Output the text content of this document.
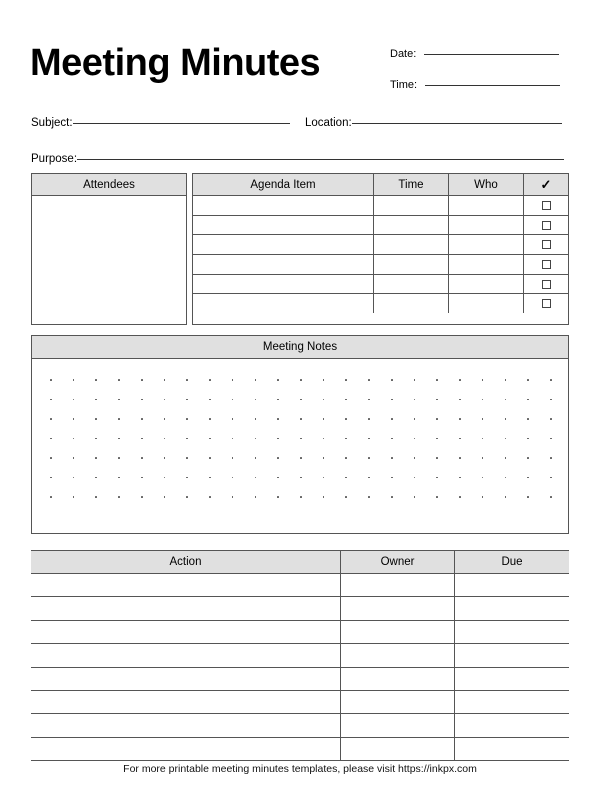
Meeting Minutes	Date:
Time:
Subject:	Location:
Purpose:
Attendees	Agenda Item	Time	Who	✓
Meeting Notes
Action	Owner	Due
For more printable meeting minutes templates, please visit https://inkpx.com
